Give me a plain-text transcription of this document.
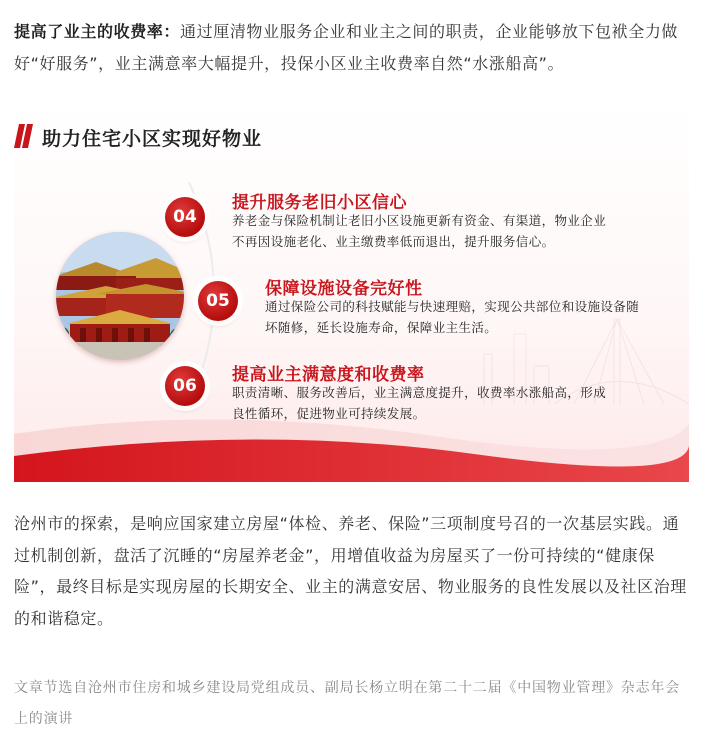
提高了业主的收费率：通过厘清物业服务企业和业主之间的职责，企业能够放下包袱全力做好“好服务”，业主满意率大幅提升，投保小区业主收费率自然“水涨船高”。

助力住宅小区实现好物业
04
提升服务老旧小区信心
养老金与保险机制让老旧小区设施更新有资金、有渠道，物业企业
不再因设施老化、业主缴费率低而退出，提升服务信心。
05
保障设施设备完好性
通过保险公司的科技赋能与快速理赔，实现公共部位和设施设备随
坏随修，延长设施寿命，保障业主生活。
06
提高业主满意度和收费率
职责清晰、服务改善后，业主满意度提升，收费率水涨船高，形成
良性循环，促进物业可持续发展。

沧州市的探索，是响应国家建立房屋“体检、养老、保险”三项制度号召的一次基层实践。通过机制创新，盘活了沉睡的“房屋养老金”，用增值收益为房屋买了一份可持续的“健康保险”，最终目标是实现房屋的长期安全、业主的满意安居、物业服务的良性发展以及社区治理的和谐稳定。

文章节选自沧州市住房和城乡建设局党组成员、副局长杨立明在第二十二届《中国物业管理》杂志年会上的演讲
